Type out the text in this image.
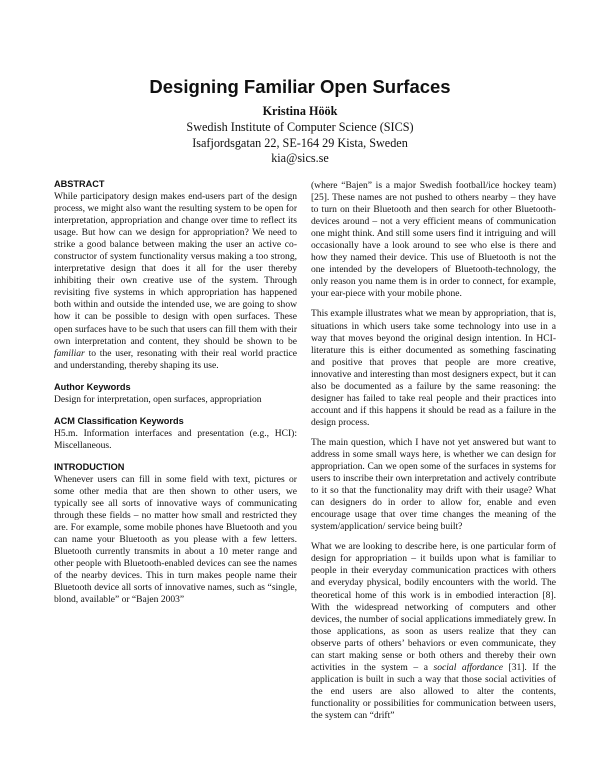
Designing Familiar Open Surfaces
Kristina Höök
Swedish Institute of Computer Science (SICS)
Isafjordsgatan 22, SE-164 29 Kista, Sweden
kia@sics.se
ABSTRACT

While participatory design makes end-users part of the design process, we might also want the resulting system to be open for interpretation, appropriation and change over time to reflect its usage. But how can we design for appropriation? We need to strike a good balance between making the user an active co-constructor of system functionality versus making a too strong, interpretative design that does it all for the user thereby inhibiting their own creative use of the system. Through revisiting five systems in which appropriation has happened both within and outside the intended use, we are going to show how it can be possible to design with open surfaces. These open surfaces have to be such that users can fill them with their own interpretation and content, they should be shown to be familiar to the user, resonating with their real world practice and understanding, thereby shaping its use.

Author Keywords

Design for interpretation, open surfaces, appropriation

ACM Classification Keywords

H5.m. Information interfaces and presentation (e.g., HCI): Miscellaneous.

INTRODUCTION

Whenever users can fill in some field with text, pictures or some other media that are then shown to other users, we typically see all sorts of innovative ways of communicating through these fields – no matter how small and restricted they are. For example, some mobile phones have Bluetooth and you can name your Bluetooth as you please with a few letters. Bluetooth currently transmits in about a 10 meter range and other people with Bluetooth-enabled devices can see the names of the nearby devices. This in turn makes people name their Bluetooth device all sorts of innovative names, such as “single, blond, available” or “Bajen 2003”

(where “Bajen” is a major Swedish football/ice hockey team) [25]. These names are not pushed to others nearby – they have to turn on their Bluetooth and then search for other Bluetooth-devices around – not a very efficient means of communication one might think. And still some users find it intriguing and will occasionally have a look around to see who else is there and how they named their device. This use of Bluetooth is not the one intended by the developers of Bluetooth-technology, the only reason you name them is in order to connect, for example, your ear-piece with your mobile phone.

This example illustrates what we mean by appropriation, that is, situations in which users take some technology into use in a way that moves beyond the original design intention. In HCI-literature this is either documented as something fascinating and positive that proves that people are more creative, innovative and interesting than most designers expect, but it can also be documented as a failure by the same reasoning: the designer has failed to take real people and their practices into account and if this happens it should be read as a failure in the design process.

The main question, which I have not yet answered but want to address in some small ways here, is whether we can design for appropriation. Can we open some of the surfaces in systems for users to inscribe their own interpretation and actively contribute to it so that the functionality may drift with their usage? What can designers do in order to allow for, enable and even encourage usage that over time changes the meaning of the system/application/ service being built?

What we are looking to describe here, is one particular form of design for appropriation – it builds upon what is familiar to people in their everyday communication practices with others and everyday physical, bodily encounters with the world. The theoretical home of this work is in embodied interaction [8]. With the widespread networking of computers and other devices, the number of social applications immediately grew. In those applications, as soon as users realize that they can observe parts of others’ behaviors or even communicate, they can start making sense or both others and thereby their own activities in the system – a social affordance [31]. If the application is built in such a way that those social activities of the end users are also allowed to alter the contents, functionality or possibilities for communication between users, the system can “drift”
